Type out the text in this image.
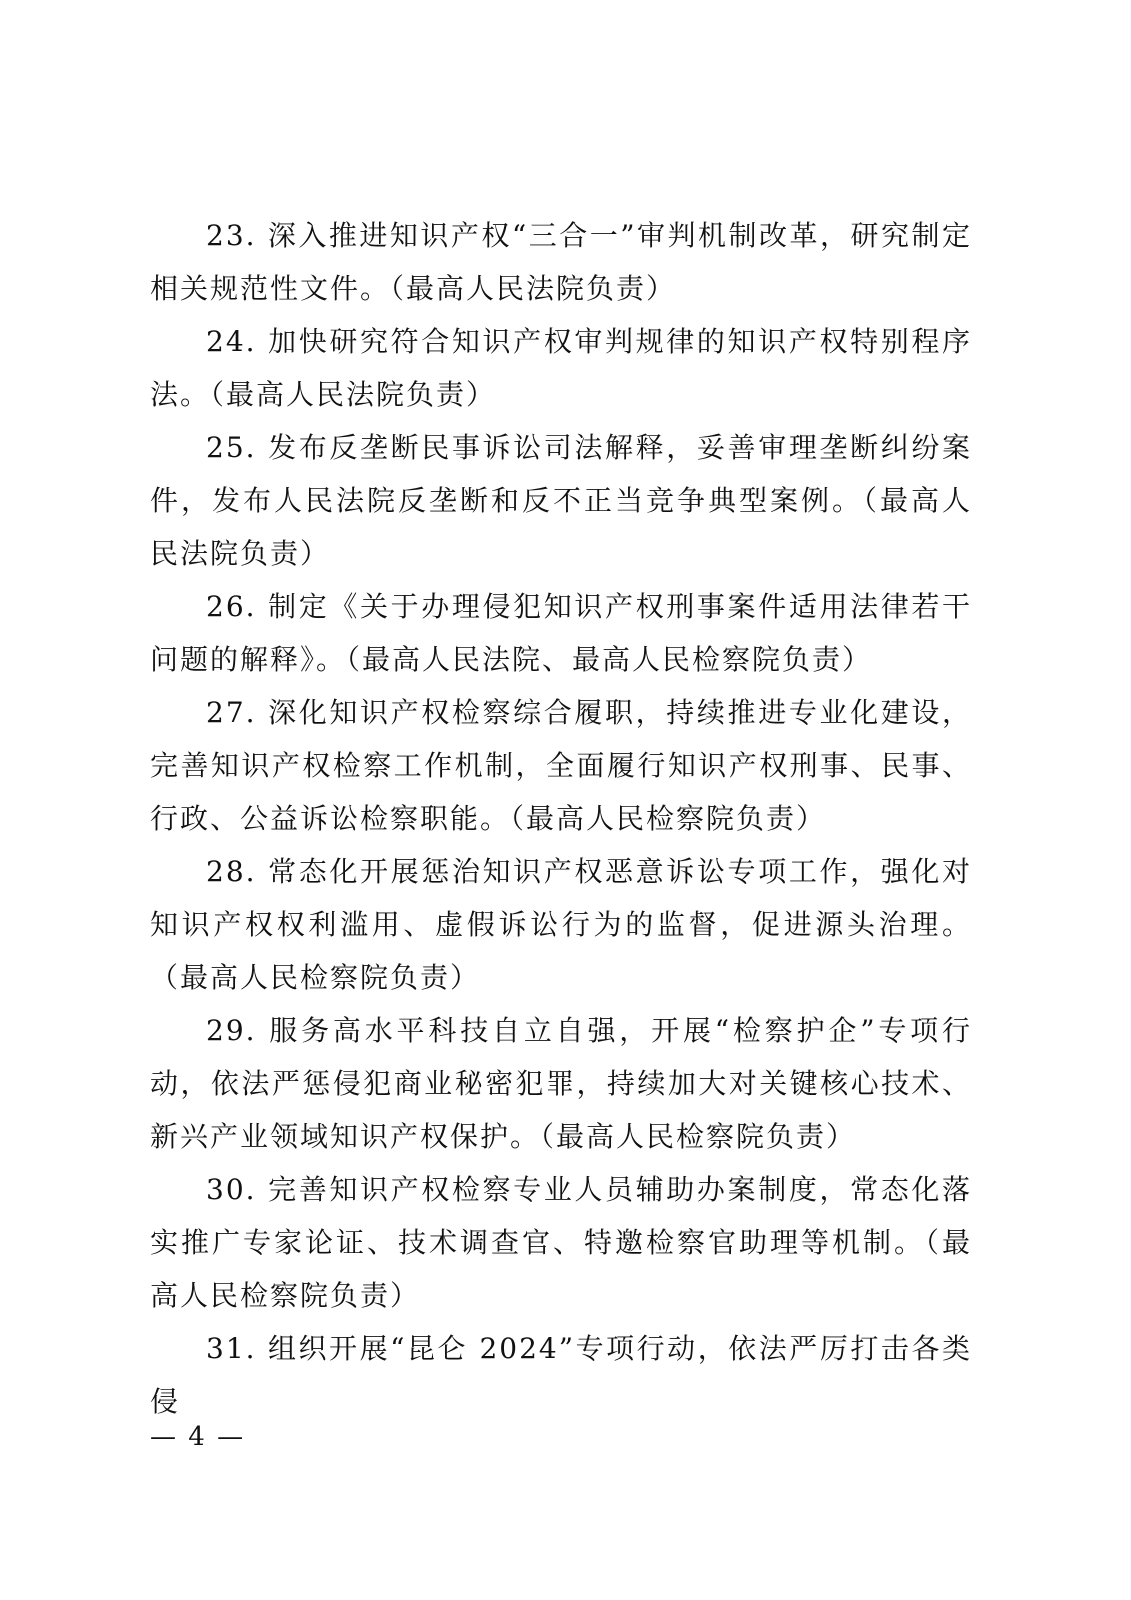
23. 深入推进知识产权“三合一”审判机制改革，研究制定相关规范性文件。（最高人民法院负责）

24. 加快研究符合知识产权审判规律的知识产权特别程序法。（最高人民法院负责）

25. 发布反垄断民事诉讼司法解释，妥善审理垄断纠纷案件，发布人民法院反垄断和反不正当竞争典型案例。（最高人民法院负责）

26. 制定《关于办理侵犯知识产权刑事案件适用法律若干问题的解释》。（最高人民法院、最高人民检察院负责）

27. 深化知识产权检察综合履职，持续推进专业化建设，完善知识产权检察工作机制，全面履行知识产权刑事、民事、行政、公益诉讼检察职能。（最高人民检察院负责）

28. 常态化开展惩治知识产权恶意诉讼专项工作，强化对知识产权权利滥用、虚假诉讼行为的监督，促进源头治理。（最高人民检察院负责）

29. 服务高水平科技自立自强，开展“检察护企”专项行动，依法严惩侵犯商业秘密犯罪，持续加大对关键核心技术、新兴产业领域知识产权保护。（最高人民检察院负责）

30. 完善知识产权检察专业人员辅助办案制度，常态化落实推广专家论证、技术调查官、特邀检察官助理等机制。（最高人民检察院负责）

31. 组织开展“昆仑 2024”专项行动，依法严厉打击各类侵

— 4 —
